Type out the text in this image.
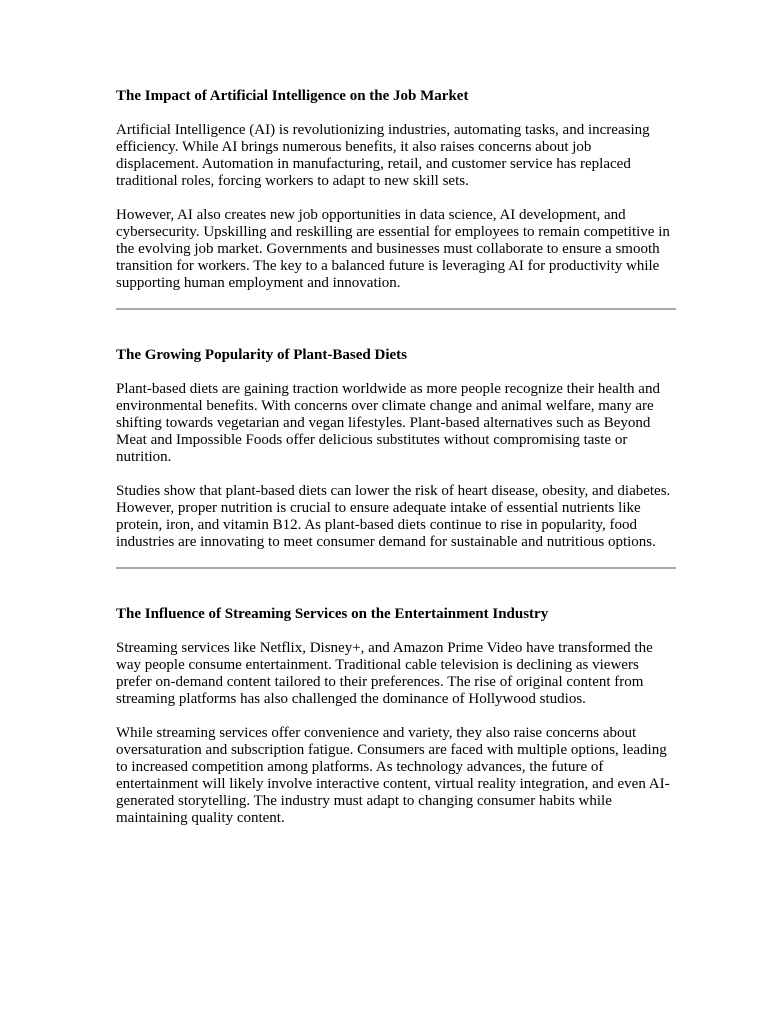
The Impact of Artificial Intelligence on the Job Market

Artificial Intelligence (AI) is revolutionizing industries, automating tasks, and increasing efficiency. While AI brings numerous benefits, it also raises concerns about job displacement. Automation in manufacturing, retail, and customer service has replaced traditional roles, forcing workers to adapt to new skill sets.

However, AI also creates new job opportunities in data science, AI development, and cybersecurity. Upskilling and reskilling are essential for employees to remain competitive in the evolving job market. Governments and businesses must collaborate to ensure a smooth transition for workers. The key to a balanced future is leveraging AI for productivity while supporting human employment and innovation.

The Growing Popularity of Plant-Based Diets

Plant-based diets are gaining traction worldwide as more people recognize their health and environmental benefits. With concerns over climate change and animal welfare, many are shifting towards vegetarian and vegan lifestyles. Plant-based alternatives such as Beyond Meat and Impossible Foods offer delicious substitutes without compromising taste or nutrition.

Studies show that plant-based diets can lower the risk of heart disease, obesity, and diabetes. However, proper nutrition is crucial to ensure adequate intake of essential nutrients like protein, iron, and vitamin B12. As plant-based diets continue to rise in popularity, food industries are innovating to meet consumer demand for sustainable and nutritious options.

The Influence of Streaming Services on the Entertainment Industry

Streaming services like Netflix, Disney+, and Amazon Prime Video have transformed the way people consume entertainment. Traditional cable television is declining as viewers prefer on-demand content tailored to their preferences. The rise of original content from streaming platforms has also challenged the dominance of Hollywood studios.

While streaming services offer convenience and variety, they also raise concerns about oversaturation and subscription fatigue. Consumers are faced with multiple options, leading to increased competition among platforms. As technology advances, the future of entertainment will likely involve interactive content, virtual reality integration, and even AI-generated storytelling. The industry must adapt to changing consumer habits while maintaining quality content.
